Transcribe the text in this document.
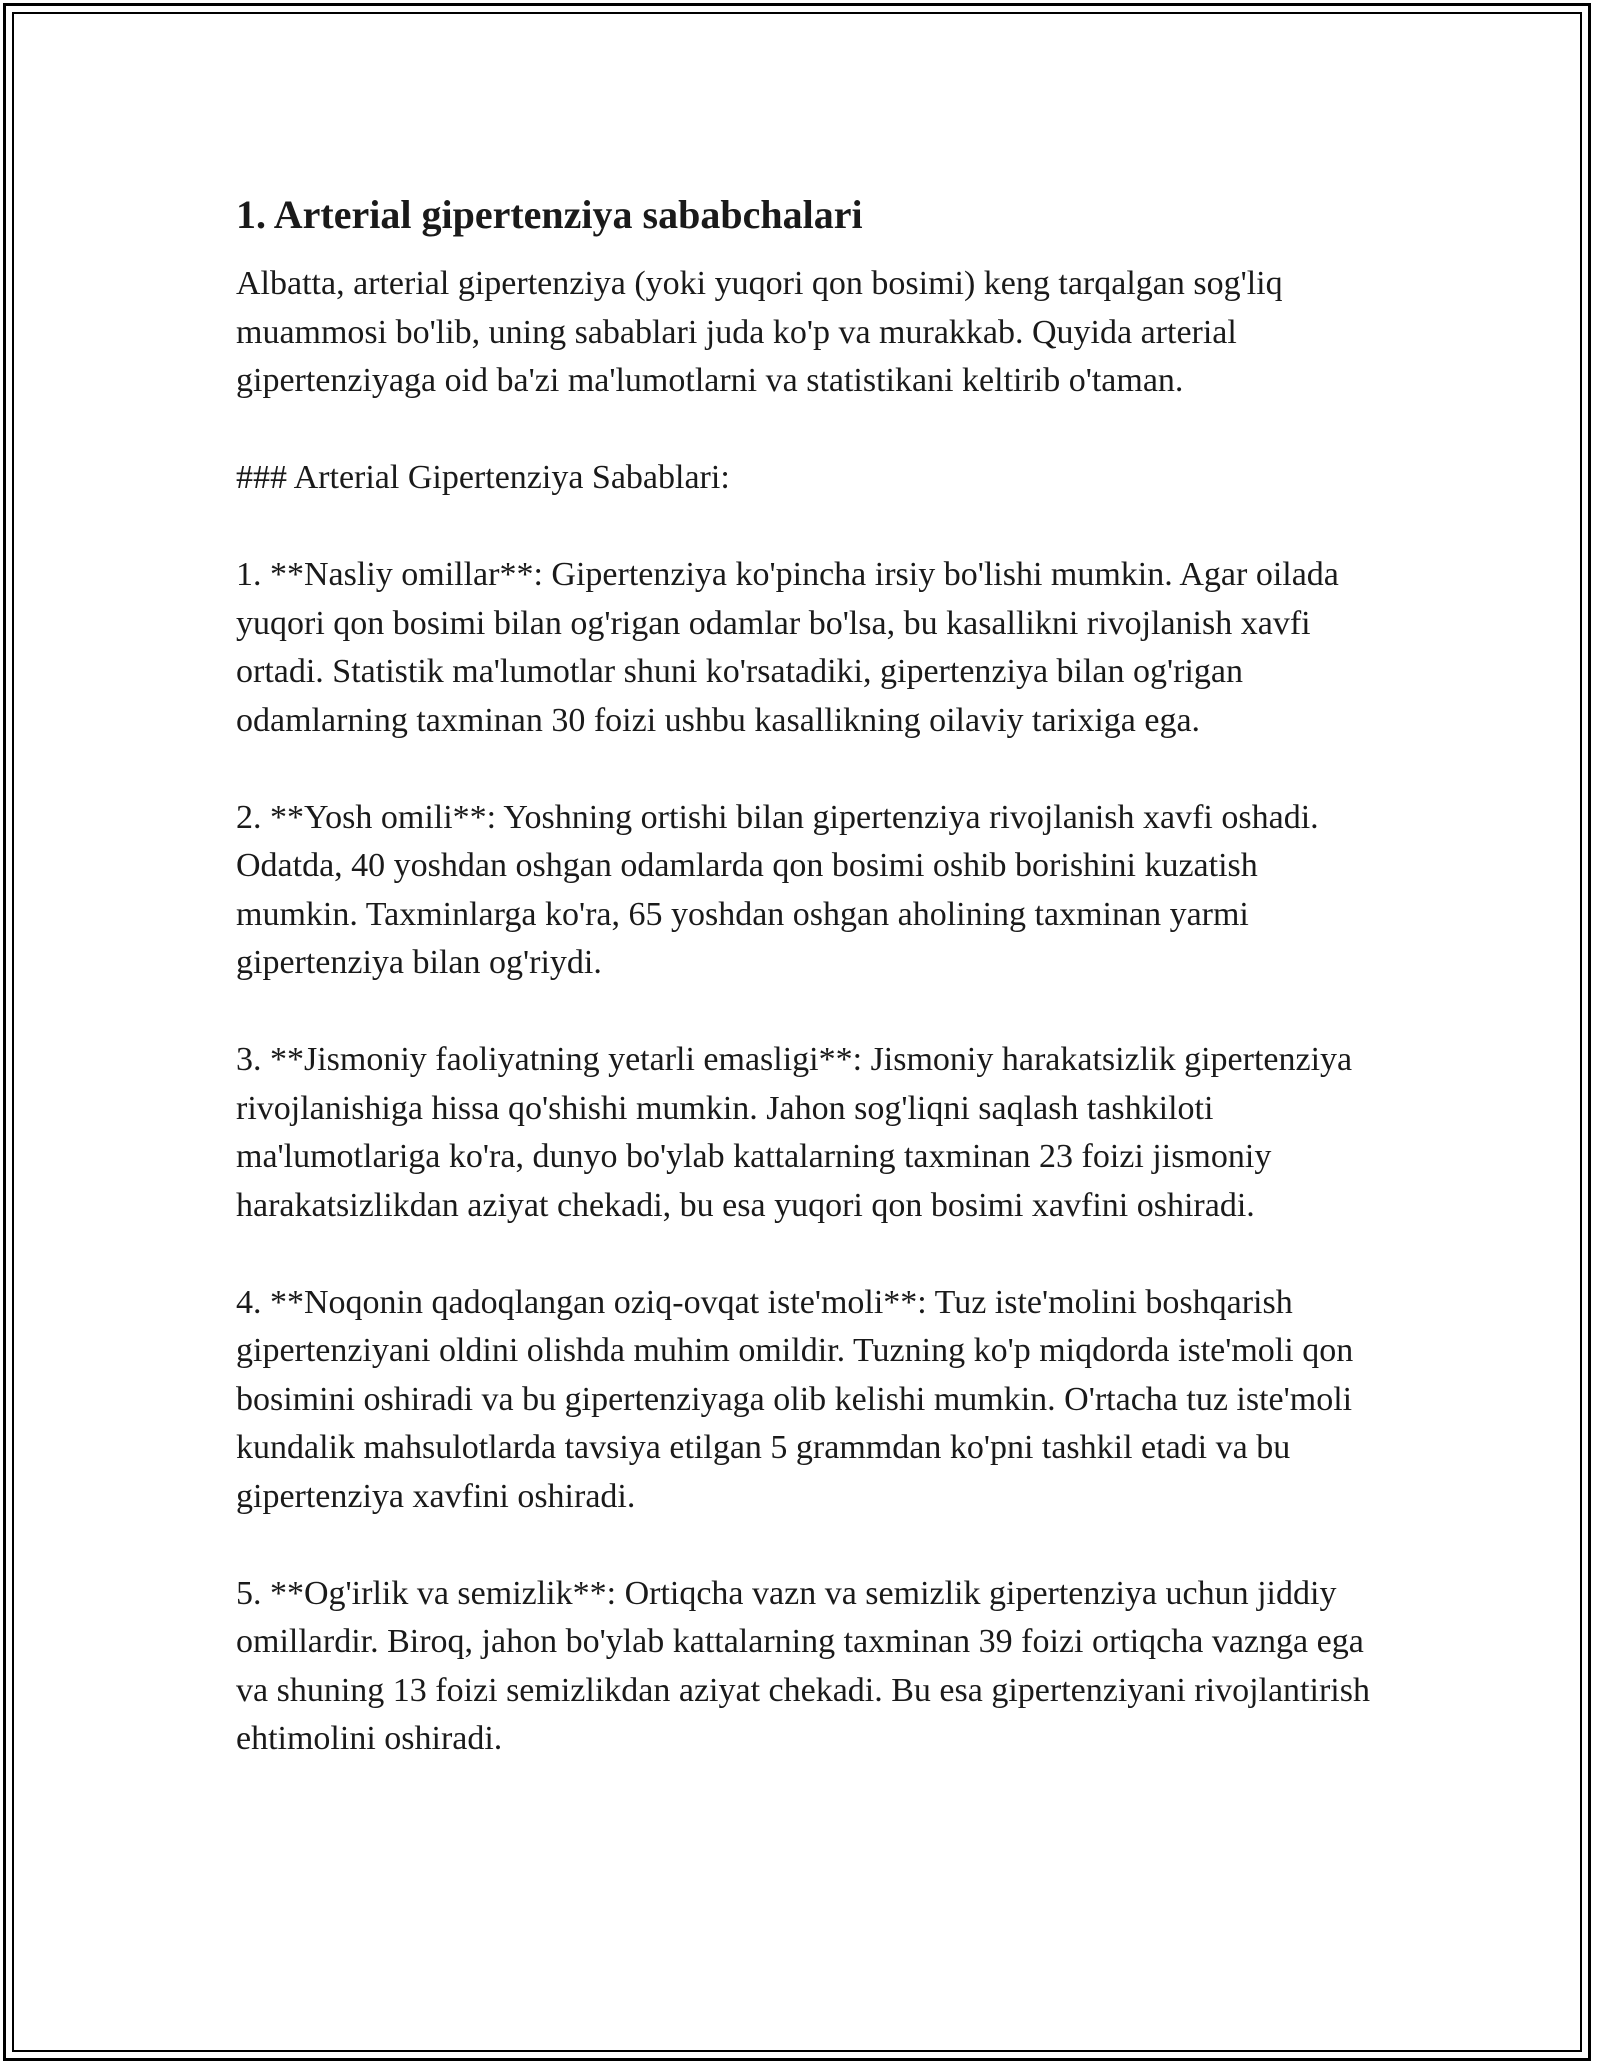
1. Arterial gipertenziya sababchalari

Albatta, arterial gipertenziya (yoki yuqori qon bosimi) keng tarqalgan sog'liq muammosi bo'lib, uning sabablari juda ko'p va murakkab. Quyida arterial gipertenziyaga oid ba'zi ma'lumotlarni va statistikani keltirib o'taman.

### Arterial Gipertenziya Sabablari:

1. **Nasliy omillar**: Gipertenziya ko'pincha irsiy bo'lishi mumkin. Agar oilada yuqori qon bosimi bilan og'rigan odamlar bo'lsa, bu kasallikni rivojlanish xavfi ortadi. Statistik ma'lumotlar shuni ko'rsatadiki, gipertenziya bilan og'rigan odamlarning taxminan 30 foizi ushbu kasallikning oilaviy tarixiga ega.

2. **Yosh omili**: Yoshning ortishi bilan gipertenziya rivojlanish xavfi oshadi. Odatda, 40 yoshdan oshgan odamlarda qon bosimi oshib borishini kuzatish mumkin. Taxminlarga ko'ra, 65 yoshdan oshgan aholining taxminan yarmi gipertenziya bilan og'riydi.

3. **Jismoniy faoliyatning yetarli emasligi**: Jismoniy harakatsizlik gipertenziya rivojlanishiga hissa qo'shishi mumkin. Jahon sog'liqni saqlash tashkiloti ma'lumotlariga ko'ra, dunyo bo'ylab kattalarning taxminan 23 foizi jismoniy harakatsizlikdan aziyat chekadi, bu esa yuqori qon bosimi xavfini oshiradi.

4. **Noqonin qadoqlangan oziq-ovqat iste'moli**: Tuz iste'molini boshqarish gipertenziyani oldini olishda muhim omildir. Tuzning ko'p miqdorda iste'moli qon bosimini oshiradi va bu gipertenziyaga olib kelishi mumkin. O'rtacha tuz iste'moli kundalik mahsulotlarda tavsiya etilgan 5 grammdan ko'pni tashkil etadi va bu gipertenziya xavfini oshiradi.

5. **Og'irlik va semizlik**: Ortiqcha vazn va semizlik gipertenziya uchun jiddiy omillardir. Biroq, jahon bo'ylab kattalarning taxminan 39 foizi ortiqcha vaznga ega va shuning 13 foizi semizlikdan aziyat chekadi. Bu esa gipertenziyani rivojlantirish ehtimolini oshiradi.
